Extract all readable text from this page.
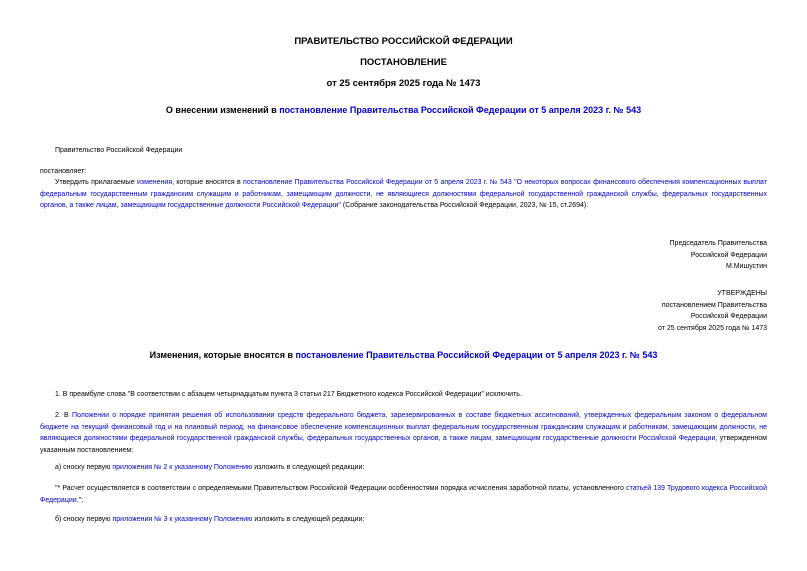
ПРАВИТЕЛЬСТВО РОССИЙСКОЙ ФЕДЕРАЦИИ
ПОСТАНОВЛЕНИЕ
от 25 сентября 2025 года № 1473
О внесении изменений в постановление Правительства Российской Федерации от 5 апреля 2023 г. № 543
Правительство Российской Федерации
постановляет:
Утвердить прилагаемые изменения, которые вносятся в постановление Правительства Российской Федерации от 5 апреля 2023 г. № 543 "О некоторых вопросах финансового обеспечения компенсационных выплат федеральным государственным гражданским служащим и работникам, замещающим должности, не являющиеся должностями федеральной государственной гражданской службы, федеральных государственных органов, а также лицам, замещающим государственные должности Российской Федерации" (Собрание законодательства Российской Федерации, 2023, № 15, ст.2694).
Председатель Правительства
Российской Федерации
М.Мишустин
УТВЕРЖДЕНЫ
постановлением Правительства
Российской Федерации
от 25 сентября 2025 года № 1473
Изменения, которые вносятся в постановление Правительства Российской Федерации от 5 апреля 2023 г. № 543
1. В преамбуле слова "В соответствии с абзацем четырнадцатым пункта 3 статьи 217 Бюджетного кодекса Российской Федерации" исключить.
2. В Положении о порядке принятия решения об использовании средств федерального бюджета, зарезервированных в составе бюджетных ассигнований, утвержденных федеральным законом о федеральном бюджете на текущий финансовый год и на плановый период, на финансовое обеспечение компенсационных выплат федеральным государственным гражданским служащим и работникам, замещающим должности, не являющиеся должностями федеральной государственной гражданской службы, федеральных государственных органов, а также лицам, замещающим государственные должности Российской Федерации, утвержденном указанным постановлением:
а) сноску первую приложения № 2 к указанному Положению изложить в следующей редакции:
"* Расчет осуществляется в соответствии с определяемыми Правительством Российской Федерации особенностями порядка исчисления заработной платы, установленного статьей 139 Трудового кодекса Российской Федерации.";
б) сноску первую приложения № 3 к указанному Положению изложить в следующей редакции:
